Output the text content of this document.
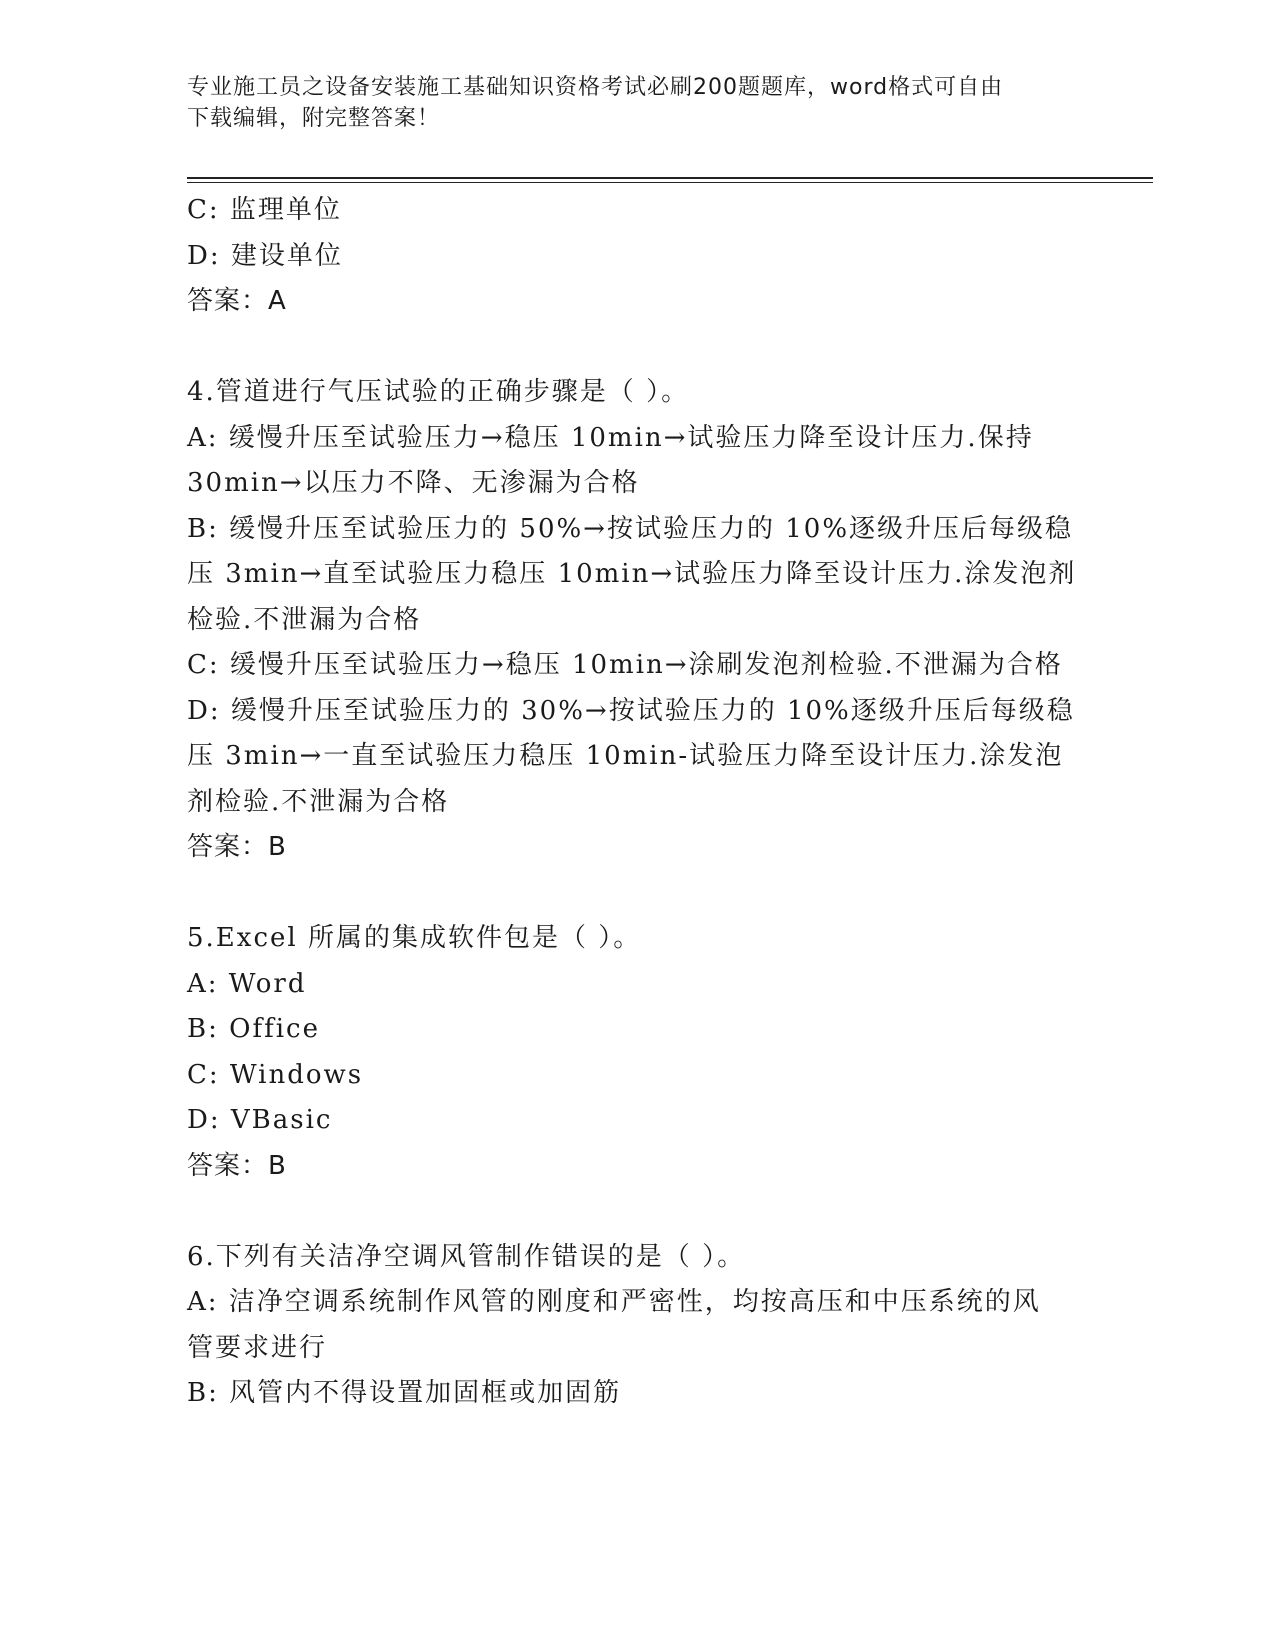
专业施工员之设备安装施工基础知识资格考试必刷200题题库，word格式可自由
下载编辑，附完整答案！
C: 监理单位
D: 建设单位
答案：A
4.管道进行气压试验的正确步骤是（ ）。
A: 缓慢升压至试验压力→稳压 10min→试验压力降至设计压力.保持
30min→以压力不降、无渗漏为合格
B: 缓慢升压至试验压力的 50%→按试验压力的 10%逐级升压后每级稳
压 3min→直至试验压力稳压 10min→试验压力降至设计压力.涂发泡剂
检验.不泄漏为合格
C: 缓慢升压至试验压力→稳压 10min→涂刷发泡剂检验.不泄漏为合格
D: 缓慢升压至试验压力的 30%→按试验压力的 10%逐级升压后每级稳
压 3min→一直至试验压力稳压 10min-试验压力降至设计压力.涂发泡
剂检验.不泄漏为合格
答案：B
5.Excel 所属的集成软件包是（ ）。
A: Word
B: Office
C: Windows
D: VBasic
答案：B
6.下列有关洁净空调风管制作错误的是（ ）。
A: 洁净空调系统制作风管的刚度和严密性，均按高压和中压系统的风
管要求进行
B: 风管内不得设置加固框或加固筋
